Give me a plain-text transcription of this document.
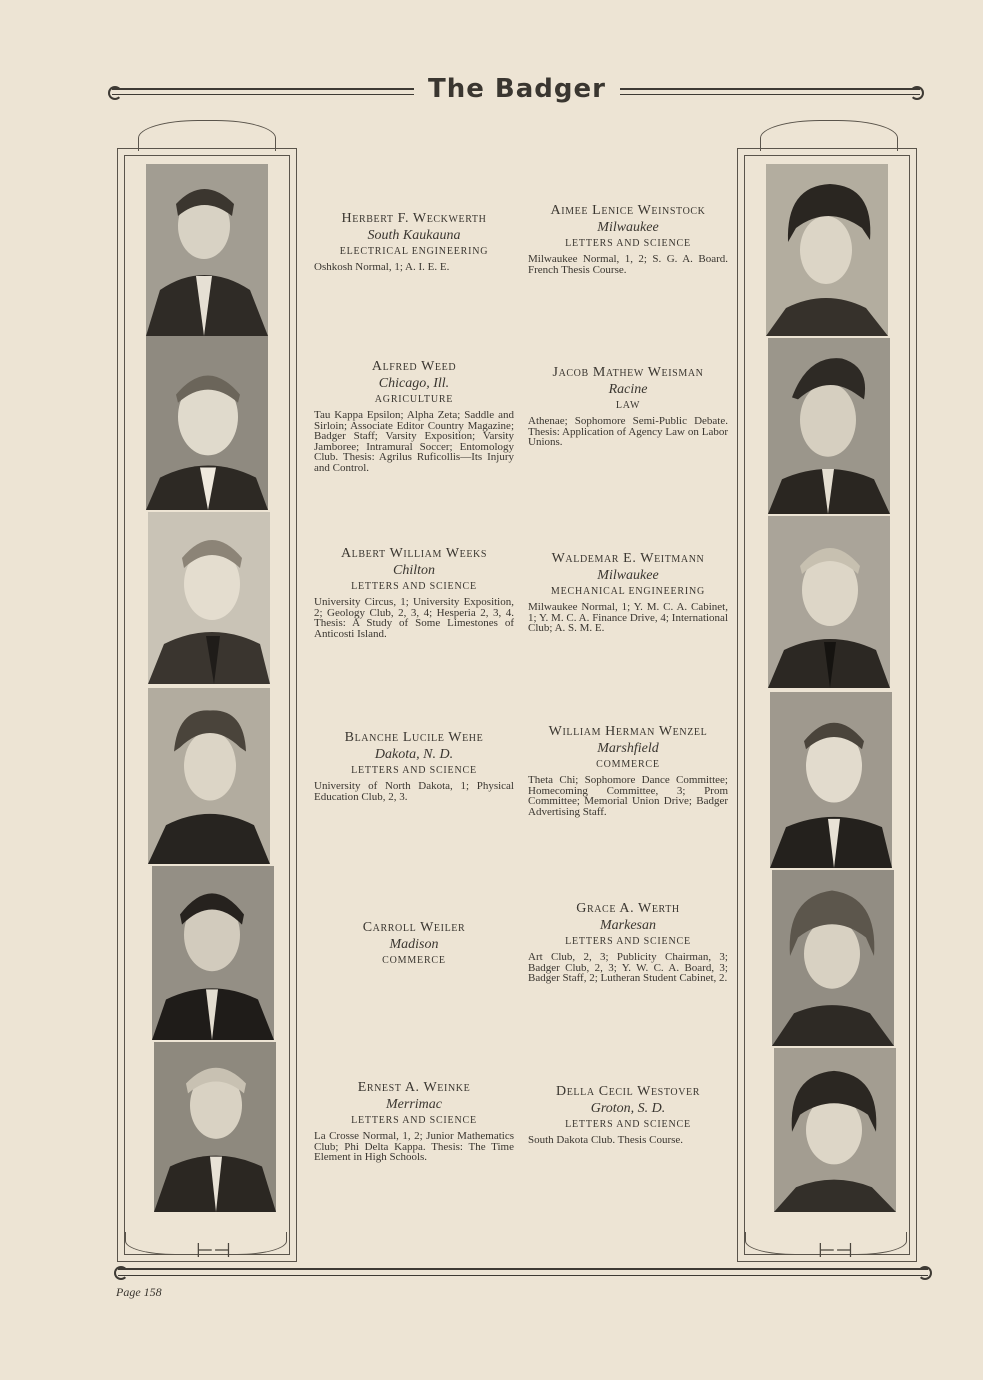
The Badger
⊢⊣	⊢⊣
Herbert F. Weckwerth
South Kaukauna
ELECTRICAL ENGINEERING
Oshkosh Normal, 1; A. I. E. E.
Alfred Weed
Chicago, Ill.
AGRICULTURE
Tau Kappa Epsilon; Alpha Zeta; Saddle and Sirloin; Associate Editor Country Magazine; Badger Staff; Varsity Exposition; Varsity Jamboree; Intramural Soccer; Entomology Club. Thesis: Agrilus Ruficollis—Its Injury and Control.
Albert William Weeks
Chilton
LETTERS AND SCIENCE
University Circus, 1; University Exposition, 2; Geology Club, 2, 3, 4; Hesperia 2, 3, 4. Thesis: A Study of Some Limestones of Anticosti Island.
Blanche Lucile Wehe
Dakota, N. D.
LETTERS AND SCIENCE
University of North Dakota, 1; Physical Education Club, 2, 3.
Carroll Weiler
Madison
COMMERCE
Ernest A. Weinke
Merrimac
LETTERS AND SCIENCE
La Crosse Normal, 1, 2; Junior Mathematics Club; Phi Delta Kappa. Thesis: The Time Element in High Schools.
Aimee Lenice Weinstock
Milwaukee
LETTERS AND SCIENCE
Milwaukee Normal, 1, 2; S. G. A. Board. French Thesis Course.
Jacob Mathew Weisman
Racine
LAW
Athenae; Sophomore Semi-Public Debate. Thesis: Application of Agency Law on Labor Unions.
Waldemar E. Weitmann
Milwaukee
MECHANICAL ENGINEERING
Milwaukee Normal, 1; Y. M. C. A. Cabinet, 1; Y. M. C. A. Finance Drive, 4; International Club; A. S. M. E.
William Herman Wenzel
Marshfield
COMMERCE
Theta Chi; Sophomore Dance Committee; Homecoming Committee, 3; Prom Committee; Memorial Union Drive; Badger Advertising Staff.
Grace A. Werth
Markesan
LETTERS AND SCIENCE
Art Club, 2, 3; Publicity Chairman, 3; Badger Club, 2, 3; Y. W. C. A. Board, 3; Badger Staff, 2; Lutheran Student Cabinet, 2.
Della Cecil Westover
Groton, S. D.
LETTERS AND SCIENCE
South Dakota Club. Thesis Course.
Page 158
